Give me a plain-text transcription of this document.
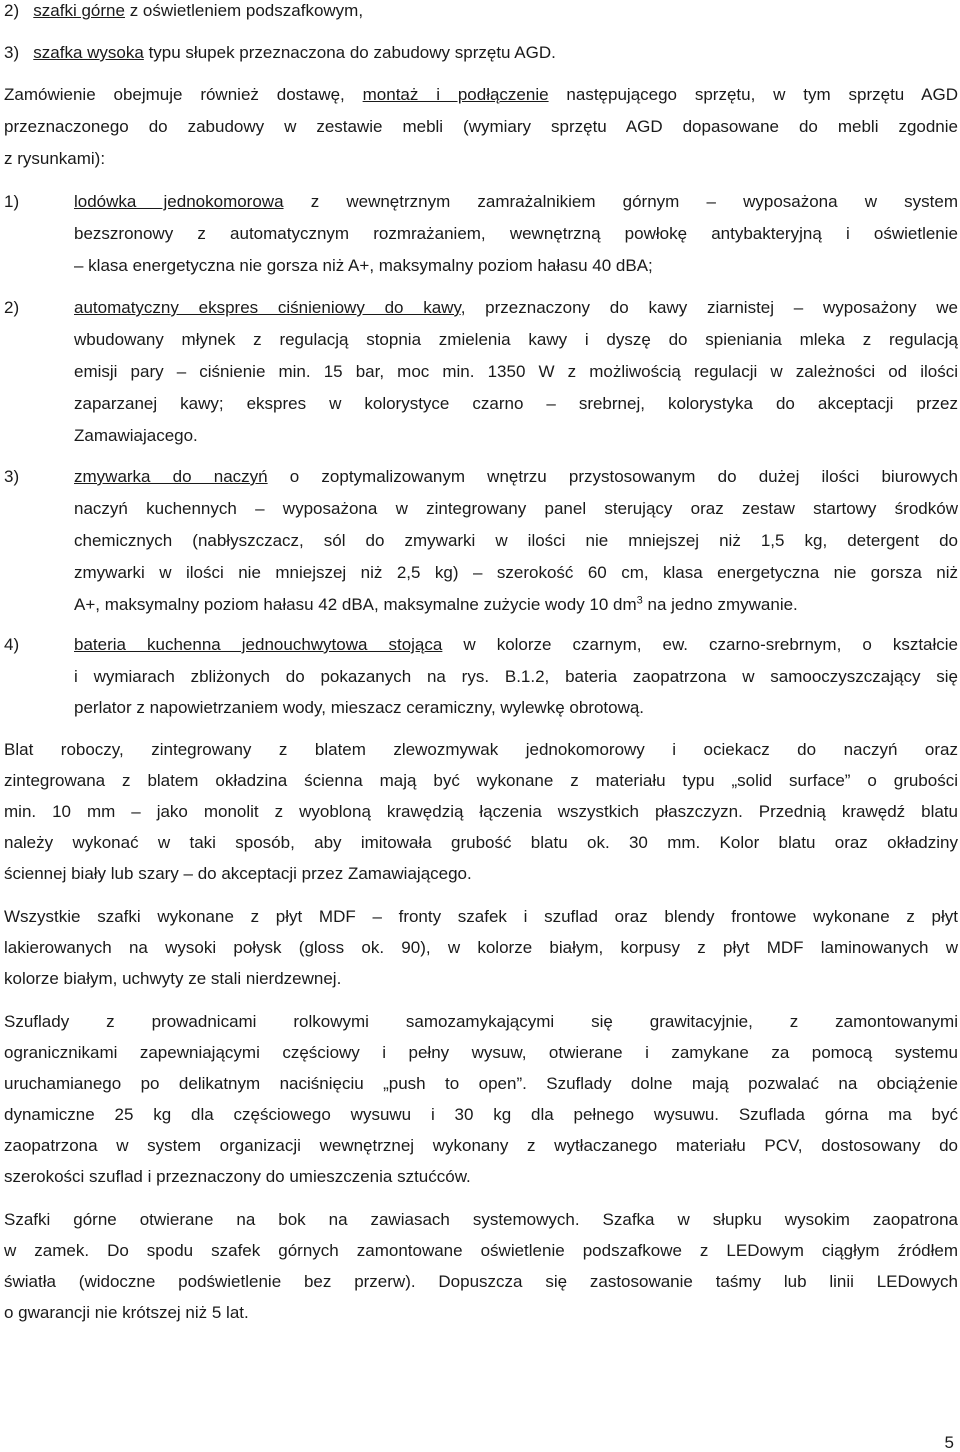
2) szafki górne z oświetleniem podszafkowym,
3) szafka wysoka typu słupek przeznaczona do zabudowy sprzętu AGD.
Zamówienie obejmuje również dostawę, montaż i podłączenie następującego sprzętu, w tym sprzętu AGD
przeznaczonego do zabudowy w zestawie mebli (wymiary sprzętu AGD dopasowane do mebli zgodnie
z rysunkami):
1)	lodówka jednokomorowa z wewnętrznym zamrażalnikiem górnym – wyposażona w system
bezszronowy z automatycznym rozmrażaniem, wewnętrzną powłokę antybakteryjną i oświetlenie
– klasa energetyczna nie gorsza niż A+, maksymalny poziom hałasu 40 dBA;
2)	automatyczny ekspres ciśnieniowy do kawy, przeznaczony do kawy ziarnistej – wyposażony we
wbudowany młynek z regulacją stopnia zmielenia kawy i dyszę do spieniania mleka z regulacją
emisji pary – ciśnienie min. 15 bar, moc min. 1350 W z możliwością regulacji w zależności od ilości
zaparzanej kawy; ekspres w kolorystyce czarno – srebrnej, kolorystyka do akceptacji przez
Zamawiajacego.
3)	zmywarka do naczyń o zoptymalizowanym wnętrzu przystosowanym do dużej ilości biurowych
naczyń kuchennych – wyposażona w zintegrowany panel sterujący oraz zestaw startowy środków
chemicznych (nabłyszczacz, sól do zmywarki w ilości nie mniejszej niż 1,5 kg, detergent do
zmywarki w ilości nie mniejszej niż 2,5 kg) – szerokość 60 cm, klasa energetyczna nie gorsza niż
A+, maksymalny poziom hałasu 42 dBA, maksymalne zużycie wody 10 $dm^3$ na jedno zmywanie.
4)	bateria kuchenna jednouchwytowa stojąca w kolorze czarnym, ew. czarno-srebrnym, o kształcie
i wymiarach zbliżonych do pokazanych na rys. B.1.2, bateria zaopatrzona w samooczyszczający się
perlator z napowietrzaniem wody, mieszacz ceramiczny, wylewkę obrotową.
Blat roboczy, zintegrowany z blatem zlewozmywak jednokomorowy i ociekacz do naczyń oraz
zintegrowana z blatem okładzina ścienna mają być wykonane z materiału typu „solid surface” o grubości
min. 10 mm – jako monolit z wyobloną krawędzią łączenia wszystkich płaszczyzn. Przednią krawędź blatu
należy wykonać w taki sposób, aby imitowała grubość blatu ok. 30 mm. Kolor blatu oraz okładziny
ściennej biały lub szary – do akceptacji przez Zamawiającego.
Wszystkie szafki wykonane z płyt MDF – fronty szafek i szuflad oraz blendy frontowe wykonane z płyt
lakierowanych na wysoki połysk (gloss ok. 90), w kolorze białym, korpusy z płyt MDF laminowanych w
kolorze białym, uchwyty ze stali nierdzewnej.
Szuflady z prowadnicami rolkowymi samozamykającymi się grawitacyjnie, z zamontowanymi
ogranicznikami zapewniającymi częściowy i pełny wysuw, otwierane i zamykane za pomocą systemu
uruchamianego po delikatnym naciśnięciu „push to open”. Szuflady dolne mają pozwalać na obciążenie
dynamiczne 25 kg dla częściowego wysuwu i 30 kg dla pełnego wysuwu. Szuflada górna ma być
zaopatrzona w system organizacji wewnętrznej wykonany z wytłaczanego materiału PCV, dostosowany do
szerokości szuflad i przeznaczony do umieszczenia sztućców.
Szafki górne otwierane na bok na zawiasach systemowych. Szafka w słupku wysokim zaopatrona
w zamek. Do spodu szafek górnych zamontowane oświetlenie podszafkowe z LEDowym ciągłym źródłem
światła (widoczne podświetlenie bez przerw). Dopuszcza się zastosowanie taśmy lub linii LEDowych
o gwarancji nie krótszej niż 5 lat.
5
